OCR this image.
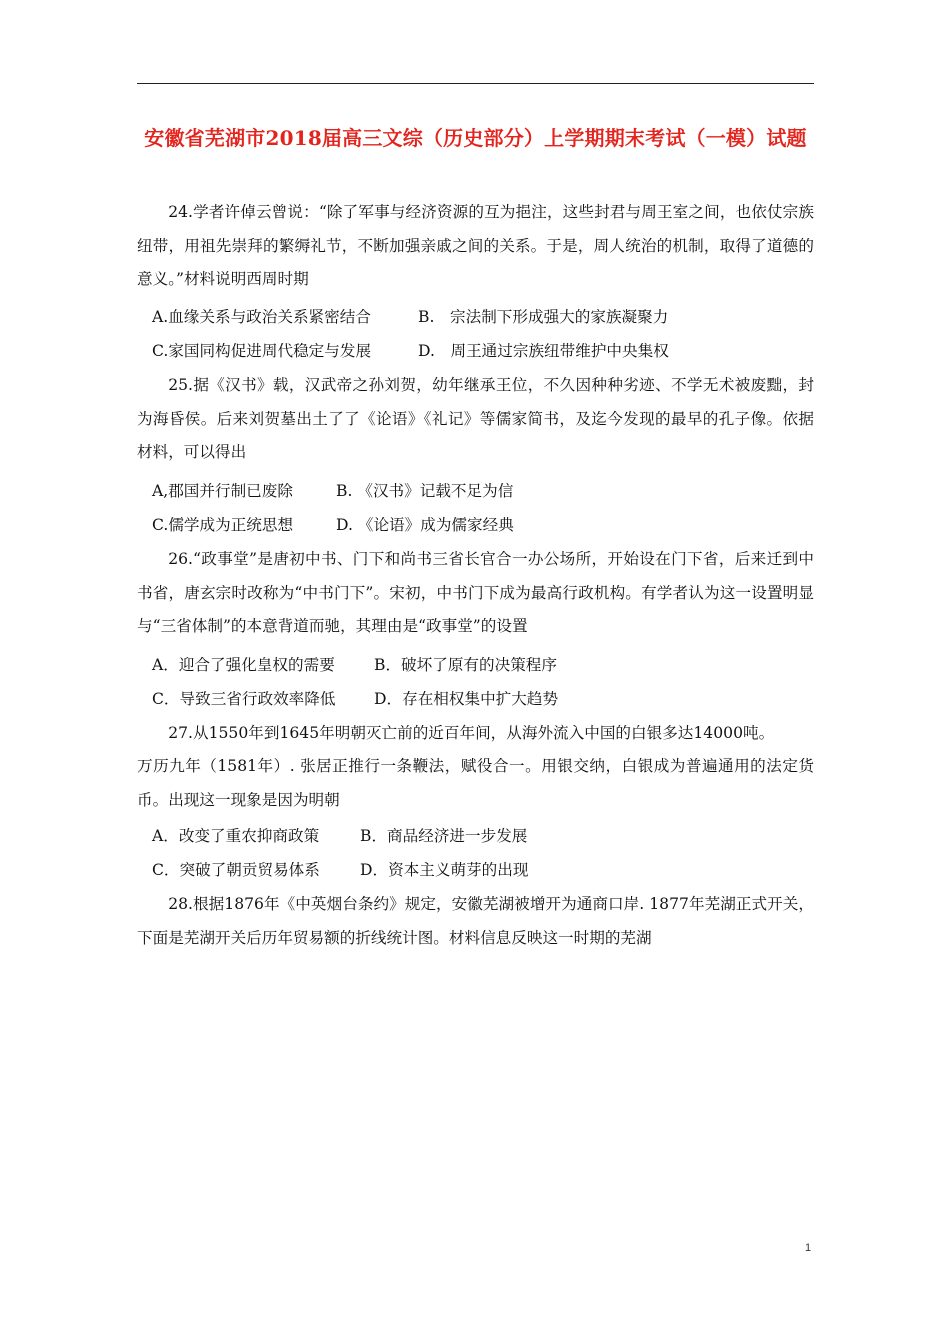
安徽省芜湖市2018届高三文综（历史部分）上学期期末考试（一模）试题
24.学者许倬云曾说：“除了军事与经济资源的互为挹注，这些封君与周王室之间，也依仗宗族纽带，用祖先崇拜的繁缛礼节，不断加强亲戚之间的关系。于是，周人统治的机制，取得了道德的意义。”材料说明西周时期
A.血缘关系与政治关系紧密结合	B.　宗法制下形成强大的家族凝聚力
C.家国同构促进周代稳定与发展	D.　周王通过宗族纽带维护中央集权
25.据《汉书》载，汉武帝之孙刘贺，幼年继承王位，不久因种种劣迹、不学无术被废黜，封为海昏侯。后来刘贺墓出土了了《论语》《礼记》等儒家简书，及迄今发现的最早的孔子像。依据材料，可以得出
A,郡国并行制已废除	B. 《汉书》记载不足为信
C.儒学成为正统思想	D. 《论语》成为儒家经典
26.“政事堂”是唐初中书、门下和尚书三省长官合一办公场所，开始设在门下省，后来迁到中书省，唐玄宗时改称为“中书门下”。宋初，中书门下成为最高行政机构。有学者认为这一设置明显与“三省体制”的本意背道而驰，其理由是“政事堂”的设置
A．迎合了强化皇权的需要	B．破坏了原有的决策程序
C．导致三省行政效率降低 D．存在相权集中扩大趋势
27.从1550年到1645年明朝灭亡前的近百年间，从海外流入中国的白银多达14000吨。
万历九年（1581年）. 张居正推行一条鞭法，赋役合一。用银交纳，白银成为普遍通用的法定货币。出现这一现象是因为明朝
A．改变了重农抑商政策	B．商品经济进一步发展
C．突破了朝贡贸易体系	D．资本主义萌芽的出现
28.根据1876年《中英烟台条约》规定，安徽芜湖被增开为通商口岸. 1877年芜湖正式开关，下面是芜湖开关后历年贸易额的折线统计图。材料信息反映这一时期的芜湖
1
